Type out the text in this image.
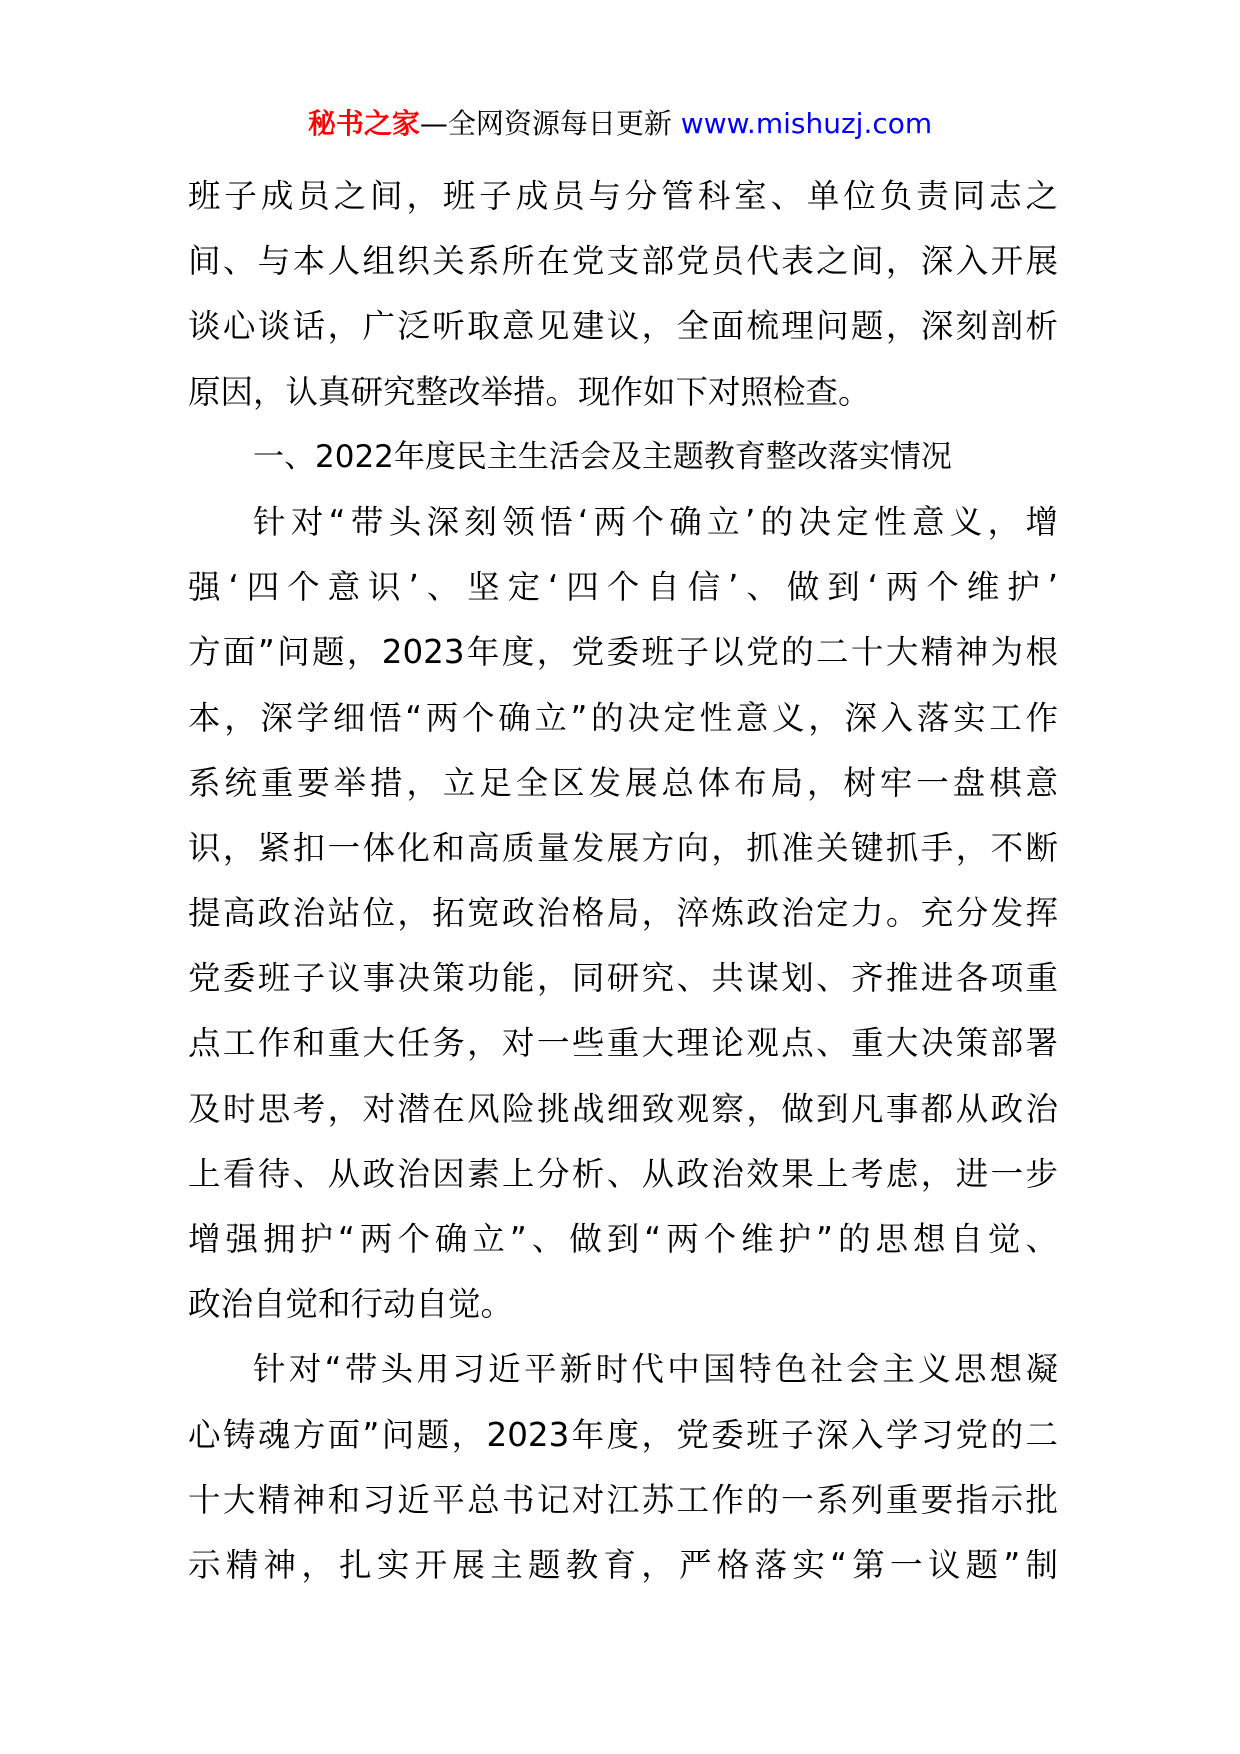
秘书之家—全网资源每日更新 www.mishuzj.com
班子成员之间，班子成员与分管科室、单位负责同志之
间、与本人组织关系所在党支部党员代表之间，深入开展
谈心谈话，广泛听取意见建议，全面梳理问题，深刻剖析
原因，认真研究整改举措。现作如下对照检查。
一、2022年度民主生活会及主题教育整改落实情况
针对“带头深刻领悟‘两个确立’的决定性意义，增
强‘四个意识’、坚定‘四个自信’、做到‘两个维护’
方面”问题，2023年度，党委班子以党的二十大精神为根
本，深学细悟“两个确立”的决定性意义，深入落实工作
系统重要举措，立足全区发展总体布局，树牢一盘棋意
识，紧扣一体化和高质量发展方向，抓准关键抓手，不断
提高政治站位，拓宽政治格局，淬炼政治定力。充分发挥
党委班子议事决策功能，同研究、共谋划、齐推进各项重
点工作和重大任务，对一些重大理论观点、重大决策部署
及时思考，对潜在风险挑战细致观察，做到凡事都从政治
上看待、从政治因素上分析、从政治效果上考虑，进一步
增强拥护“两个确立”、做到“两个维护”的思想自觉、
政治自觉和行动自觉。
针对“带头用习近平新时代中国特色社会主义思想凝
心铸魂方面”问题，2023年度，党委班子深入学习党的二
十大精神和习近平总书记对江苏工作的一系列重要指示批
示精神，扎实开展主题教育，严格落实“第一议题”制
